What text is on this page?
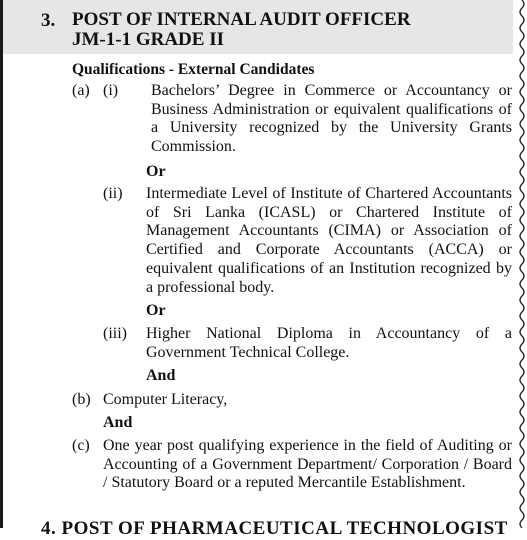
3. POST OF INTERNAL AUDIT OFFICER
JM-1-1 GRADE II
Qualifications - External Candidates
(a) (i) Bachelors’ Degree in Commerce or Accountancy or Business Administration or equivalent qualifications of a University recognized by the University Grants Commission.
Or
(ii) Intermediate Level of Institute of Chartered Accountants of Sri Lanka (ICASL) or Chartered Institute of Management Accountants (CIMA) or Association of Certified and Corporate Accountants (ACCA) or equivalent qualifications of an Institution recognized by a professional body.
Or
(iii) Higher National Diploma in Accountancy of a Government Technical College.
And
(b) Computer Literacy,
And
(c) One year post qualifying experience in the field of Auditing or Accounting of a Government Department/ Corporation / Board / Statutory Board or a reputed Mercantile Establishment.
4. POST OF PHARMACEUTICAL TECHNOLOGIST
